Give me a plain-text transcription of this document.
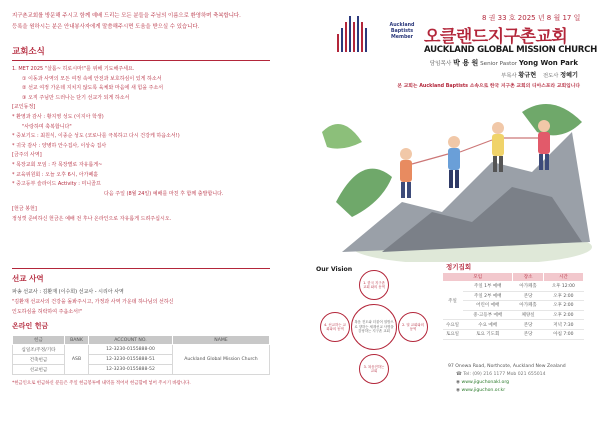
지구촌교회를 방문해 주시고 함께 예배 드리는 모든 분들을 주님의 이름으로 환영하며 축복합니다.

등록을 원하시는 분은 안내봉사자에게 말씀해주시면 도움을 받으실 수 있습니다.

교회소식
1. MET 2025 "살롬~ 히로시마!"를 위해 기도해주세요.
① 이동과 사역의 모든 여정 속에 안전과 보호하심이 있게 하소서
② 선교 여정 가운데 지치지 않도록 육체와 마음에 새 힘을 주소서
③ 오직 주님만 드러나는 단기 선교가 되게 하소서
[교인동정]
* 환영과 감사 : 황지영 성도 (이지아 학생)
"사랑하며 축복합니다"
* 중보기도 : 최원식, 이종순 성도 (코로나를 극복하고 다시 건강케 하옵소서!)
* 귀국 감사 : 양병하 안수집사, 이상숙 집사
[금주의 사역]
* 목장교회 모임 : 각 목장별로 자유롭게~
* 교육위원회 : 오늘 오후 6시, 아가페홀
* 중고등부 슬라이드 Activity : 미니골프
다음 주일 (8월 24일) 예배를 마친 후 함께 출발합니다.
[헌금 봉헌]
정성껏 준비하신 헌금은 예배 전 후나 온라인으로 자유롭게 드려주십시오.
선교 사역
파송 선교사 : 김환재 (이수희) 선교사 - 시리아 사역
"김환재 선교사의 건강을 돌봐주시고, 가정과 사역 가운데 하나님의 선하신
인도하심을 허락하여 주옵소서!"
온라인 헌금
헌금	BANK	ACCOUNT NO.	NAME
십일조/주정/기타	ASB	12-3230-0155888-00	Auckland Global Mission Church
건축헌금		12-3230-0155888-51	
선교헌금		12-3230-0155888-52	
*헌금인으로 헌금하신 분들은 주일 헌금봉투에 내역을 적어서 헌금함에 넣어 주시기 바랍니다.
Auckland Baptists Member
8 권 33 호 2025 년 8 월 17 일
오클랜드지구촌교회
AUCKLAND GLOBAL MISSION CHURCH
담임목사 박 용 원 Senior Pastor Yong Won Park
부목사 황규현 전도사 정혜기
본 교회는 Auckland Baptists 소속으로 한국 지구촌 교회의 디아스포라 교회입니다
Our Vision
복음 전도와 더불어 열방으로 향하는 세계선교 사명을 감당하는 지구촌 교회
1. 한국 지구촌교회 와의 동역
2. 열 교회와의 동역
3. 복음전하는 교회
4. 선교하는 교회와의 동역
정기집회
모임		장소	시간
주일	주일 1부 예배	아가페홀	오후 12:00
	주일 2부 예배	본당	오후 2:00
	어린이 예배	아가페홀	오후 2:00
	중·고등부 예배	체양실	오후 2:00
수요일	수요 예배	본당	저녁 7:30
토요일	토요 기도회	본당	아침 7:00
97 Onewa Road, Northcote, Auckland New Zealand
☎ Tel: (09) 216 1177 Mob 021 655014
◉ www.jiguchonakl.org
◉ www.jiguchon.or.kr
